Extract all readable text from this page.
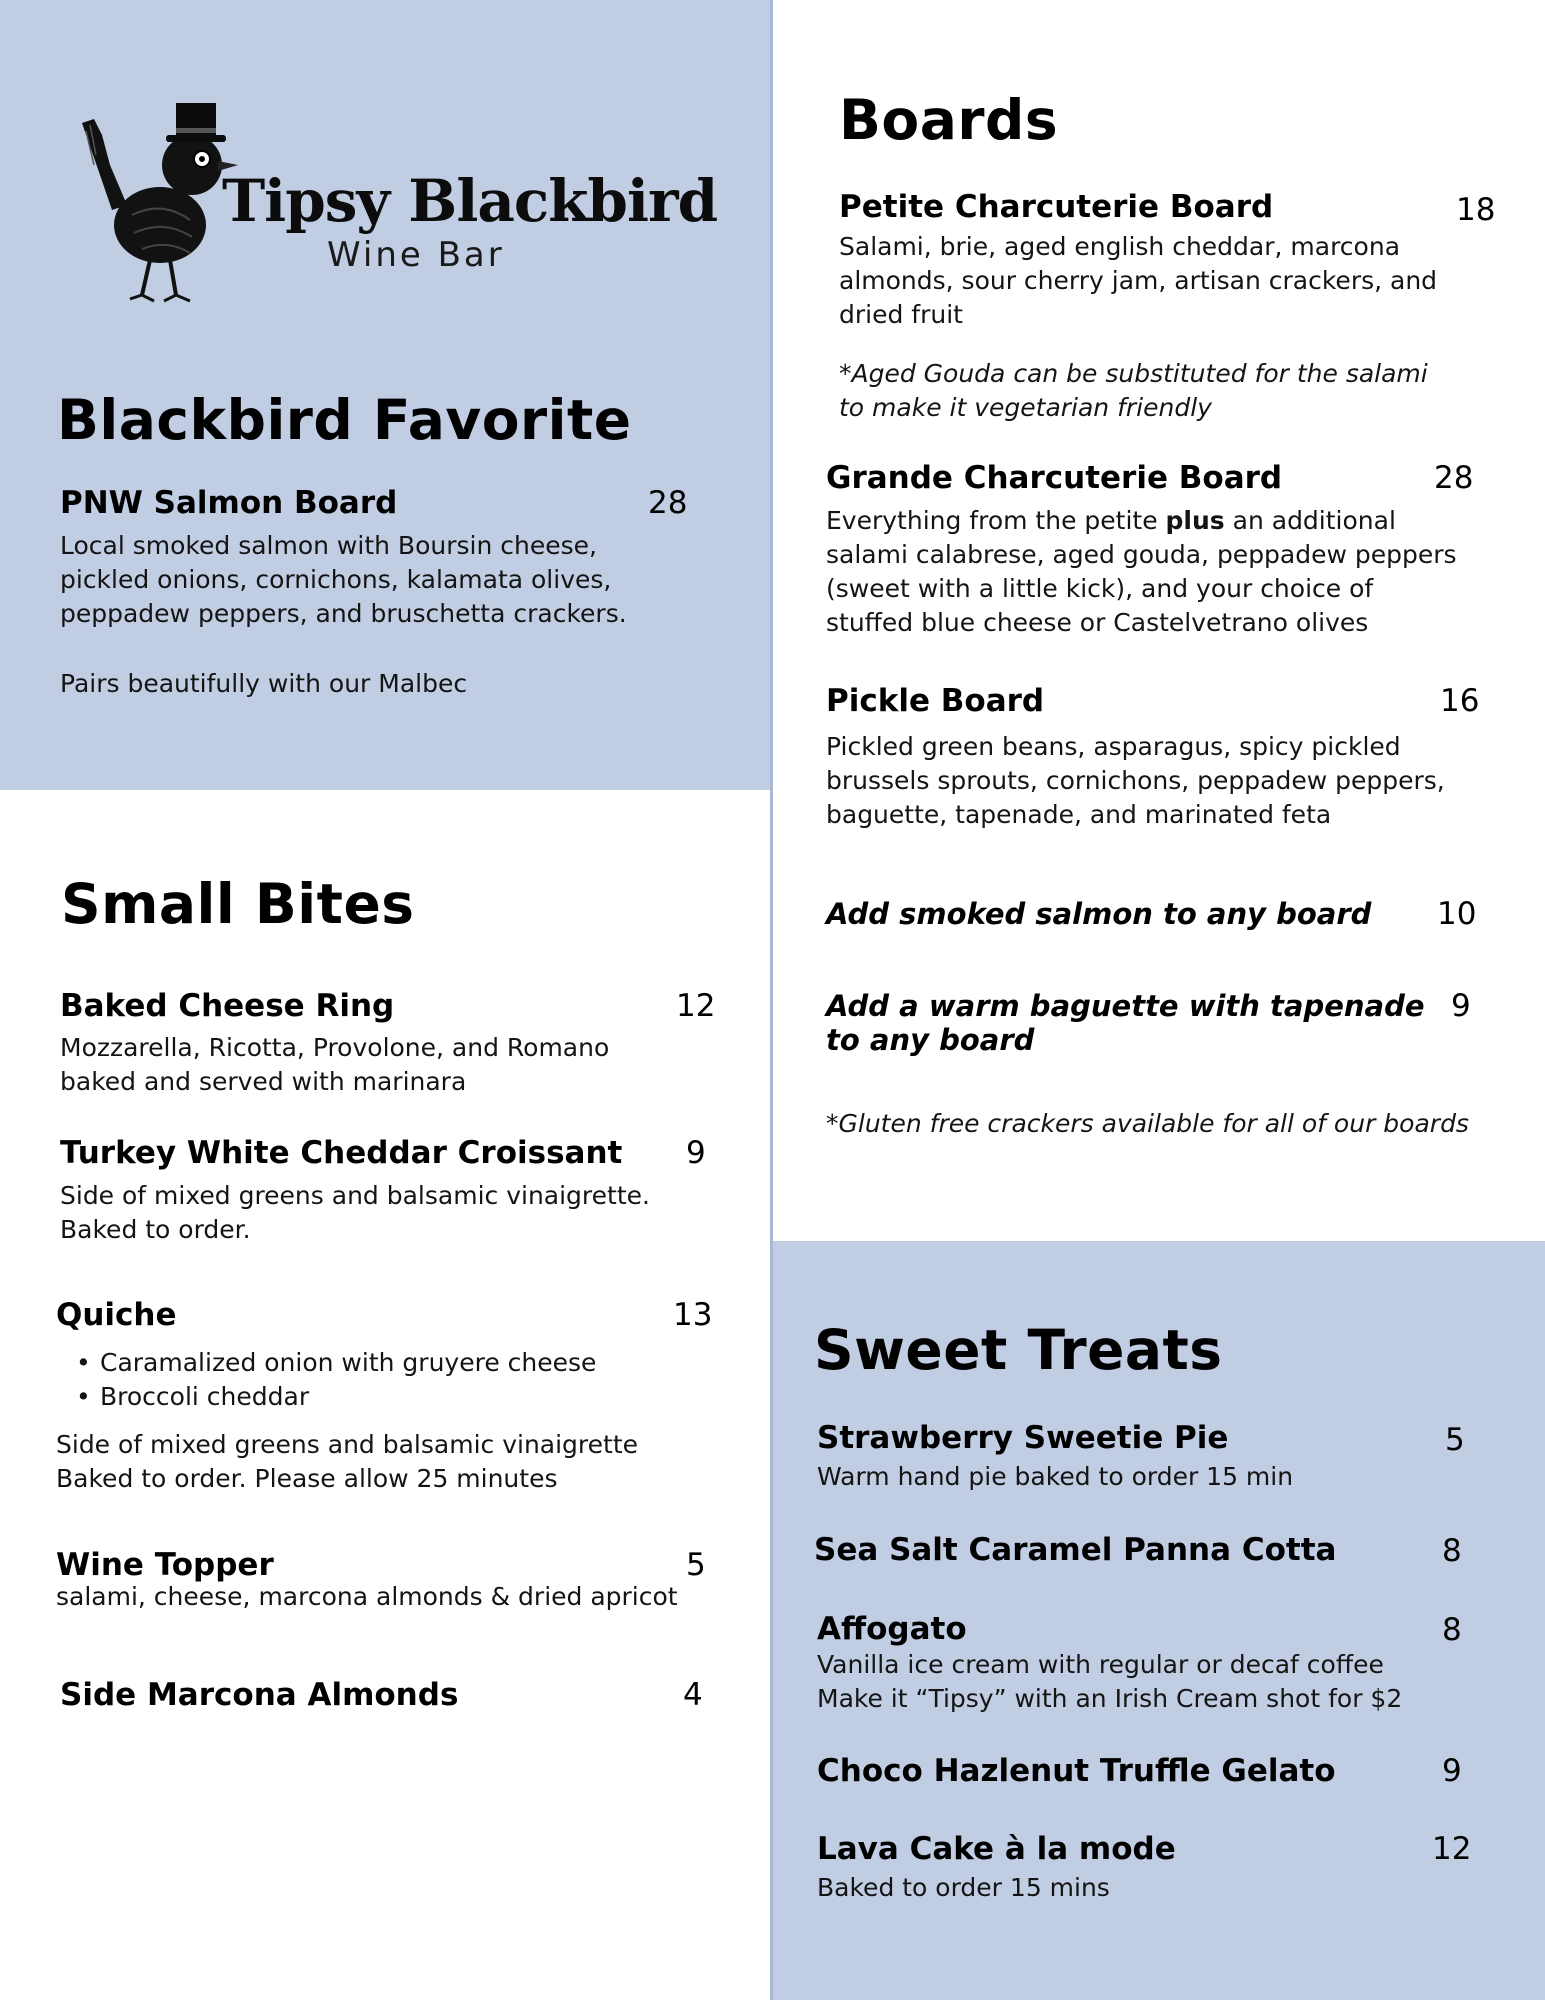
Tipsy Blackbird
Wine Bar
Blackbird Favorite
PNW Salmon Board	28
Local smoked salmon with Boursin cheese,
pickled onions, cornichons, kalamata olives,
peppadew peppers, and bruschetta crackers.
Pairs beautifully with our Malbec
Small Bites
Baked Cheese Ring	12
Mozzarella, Ricotta, Provolone, and Romano
baked and served with marinara
Turkey White Cheddar Croissant 9
Side of mixed greens and balsamic vinaigrette.
Baked to order.
Quiche	13
• Caramalized onion with gruyere cheese
• Broccoli cheddar
Side of mixed greens and balsamic vinaigrette
Baked to order. Please allow 25 minutes
Wine Topper	5
salami, cheese, marcona almonds & dried apricot
Side Marcona Almonds	4
Boards
Petite Charcuterie Board	18
Salami, brie, aged english cheddar, marcona
almonds, sour cherry jam, artisan crackers, and
dried fruit
*Aged Gouda can be substituted for the salami
to make it vegetarian friendly
Grande Charcuterie Board	28
Everything from the petite plus an additional
salami calabrese, aged gouda, peppadew peppers
(sweet with a little kick), and your choice of
stuffed blue cheese or Castelvetrano olives
Pickle Board	16
Pickled green beans, asparagus, spicy pickled
brussels sprouts, cornichons, peppadew peppers,
baguette, tapenade, and marinated feta
Add smoked salmon to any board 10
Add a warm baguette with tapenade
to any board
9
*Gluten free crackers available for all of our boards
Sweet Treats
Strawberry Sweetie Pie	5
Warm hand pie baked to order 15 min
Sea Salt Caramel Panna Cotta	8
Affogato	8
Vanilla ice cream with regular or decaf coffee
Make it “Tipsy” with an Irish Cream shot for $2
Choco Hazlenut Truffle Gelato	9
Lava Cake à la mode	12
Baked to order 15 mins
